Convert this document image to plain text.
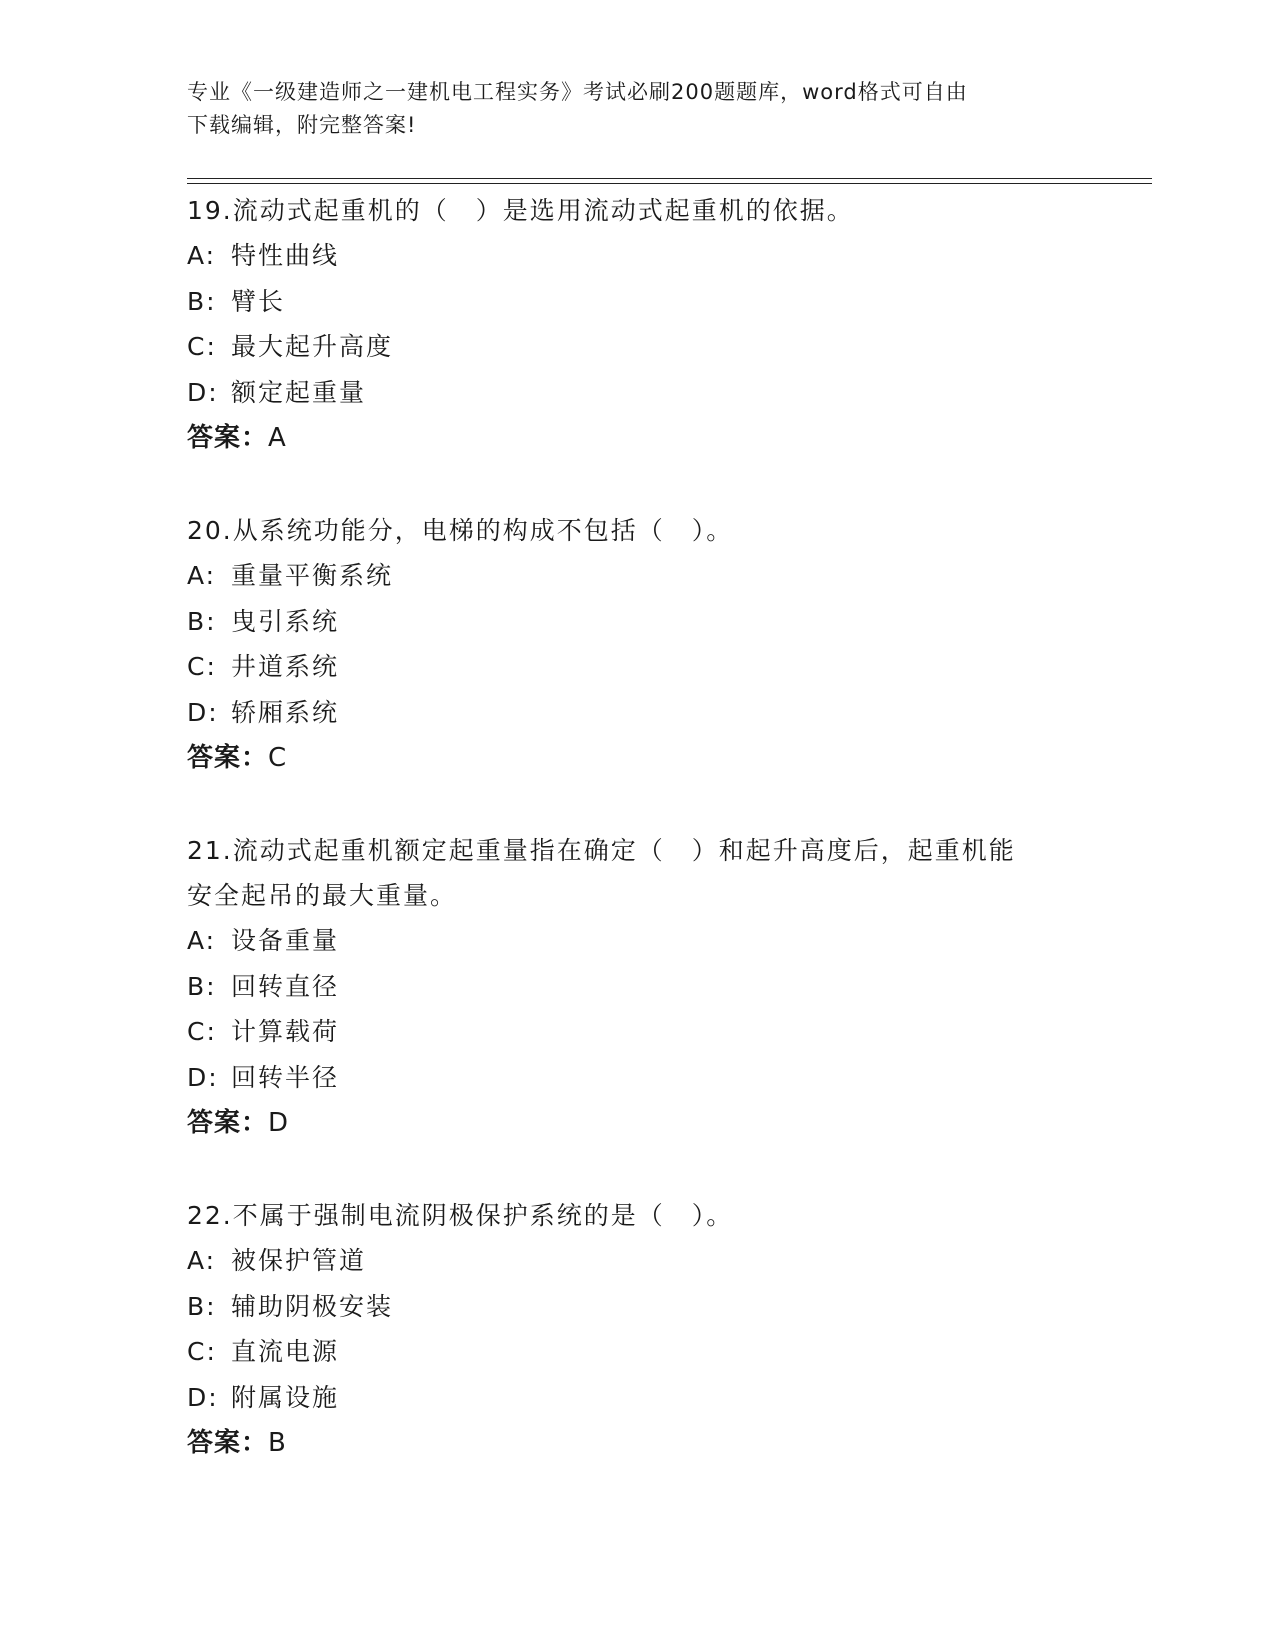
专业《一级建造师之一建机电工程实务》考试必刷200题题库，word格式可自由
下载编辑，附完整答案!
19.流动式起重机的（　）是选用流动式起重机的依据。
A: 特性曲线
B: 臂长
C: 最大起升高度
D: 额定起重量
答案：A
20.从系统功能分，电梯的构成不包括（　）。
A: 重量平衡系统
B: 曳引系统
C: 井道系统
D: 轿厢系统
答案：C
21.流动式起重机额定起重量指在确定（　）和起升高度后，起重机能
安全起吊的最大重量。
A: 设备重量
B: 回转直径
C: 计算载荷
D: 回转半径
答案：D
22.不属于强制电流阴极保护系统的是（　）。
A: 被保护管道
B: 辅助阴极安装
C: 直流电源
D: 附属设施
答案：B
